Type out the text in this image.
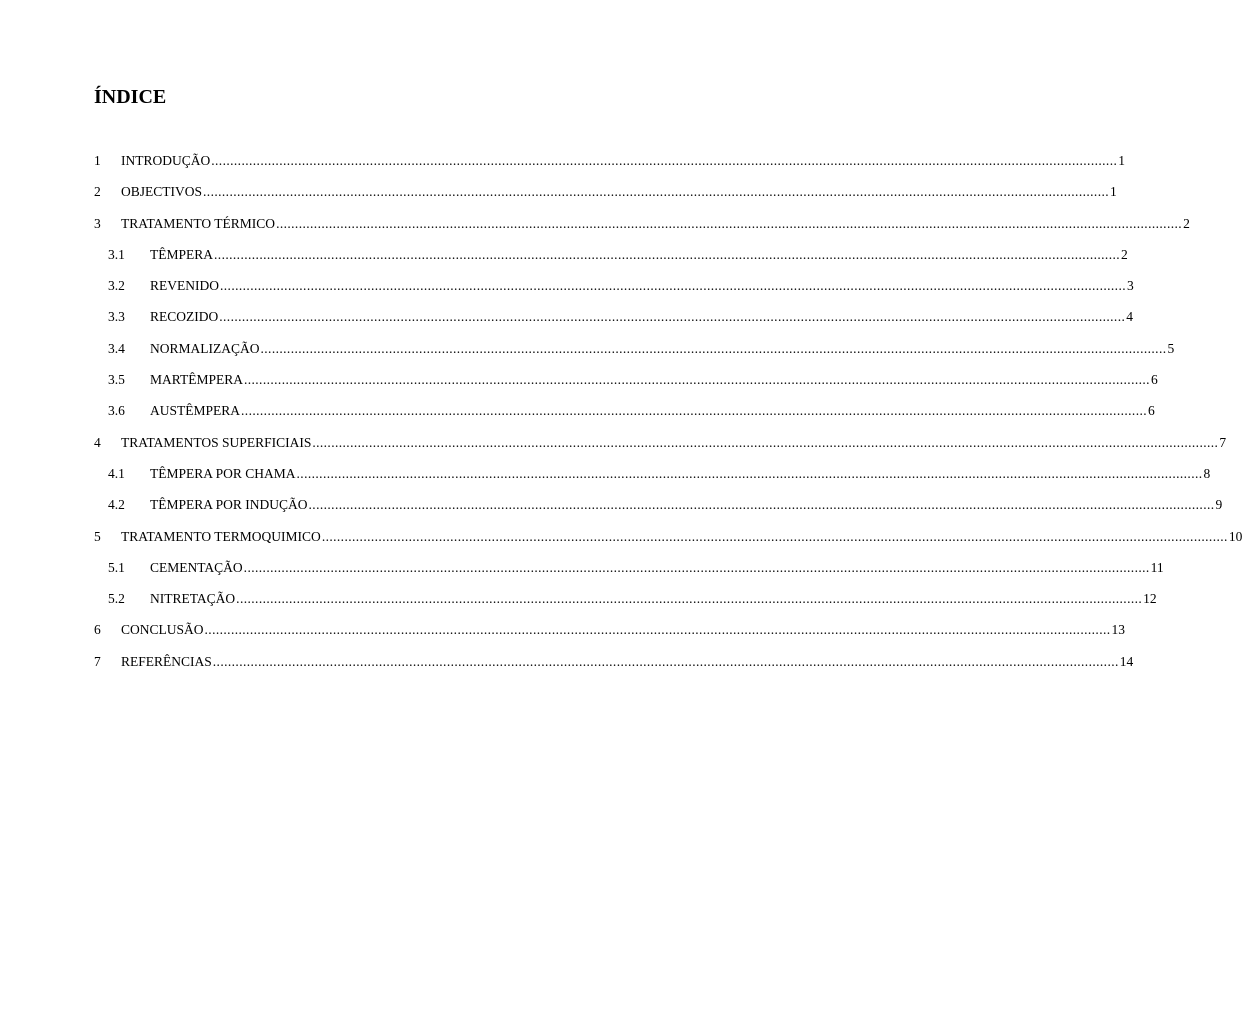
ÍNDICE
1 INTRODUÇÃO ................................................................................................................................................................................................................................................ 1
2 OBJECTIVOS ................................................................................................................................................................................................................................................ 1
3 TRATAMENTO TÉRMICO ................................................................................................................................................................................................................................................ 2
3.1 TÊMPERA ................................................................................................................................................................................................................................................ 2
3.2 REVENIDO ................................................................................................................................................................................................................................................ 3
3.3 RECOZIDO ................................................................................................................................................................................................................................................ 4
3.4 NORMALIZAÇÃO ................................................................................................................................................................................................................................................ 5
3.5 MARTÊMPERA ................................................................................................................................................................................................................................................ 6
3.6 AUSTÊMPERA ................................................................................................................................................................................................................................................ 6
4 TRATAMENTOS SUPERFICIAIS ................................................................................................................................................................................................................................................ 7
4.1 TÊMPERA POR CHAMA ................................................................................................................................................................................................................................................ 8
4.2 TÊMPERA POR INDUÇÃO ................................................................................................................................................................................................................................................ 9
5 TRATAMENTO TERMOQUIMICO ................................................................................................................................................................................................................................................ 10
5.1 CEMENTAÇÃO ................................................................................................................................................................................................................................................ 11
5.2 NITRETAÇÃO ................................................................................................................................................................................................................................................ 12
6 CONCLUSÃO ................................................................................................................................................................................................................................................ 13
7 REFERÊNCIAS ................................................................................................................................................................................................................................................ 14
